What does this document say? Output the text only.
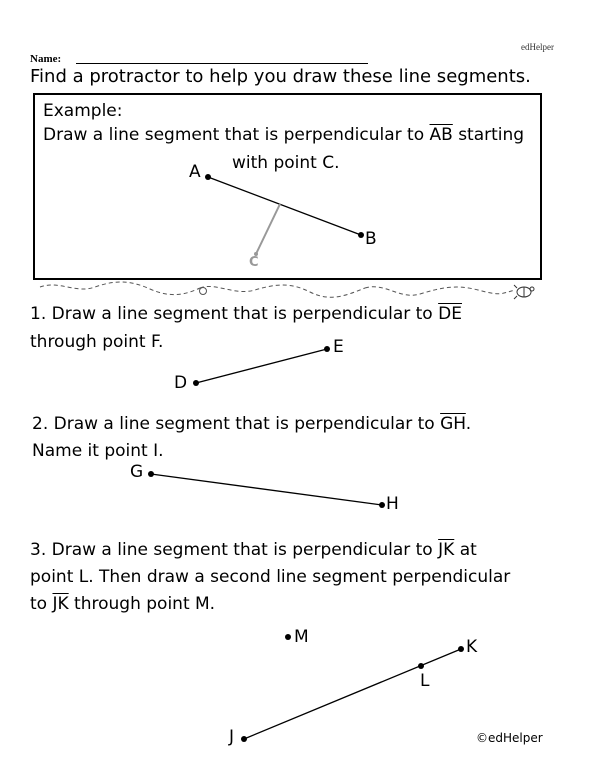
edHelper
Name:
Find a protractor to help you draw these line segments.
Example:
Draw a line segment that is perpendicular to $\overline{AB}$ starting
with point C.
A
B
C
1. Draw a line segment that is perpendicular to $\overline{DE}$
through point F.
D
E
2. Draw a line segment that is perpendicular to $\overline{GH}$.
Name it point I.
G
H
3. Draw a line segment that is perpendicular to $\overline{JK}$ at
point L. Then draw a second line segment perpendicular
to $\overline{JK}$ through point M.
J
K
L
M
©edHelper
